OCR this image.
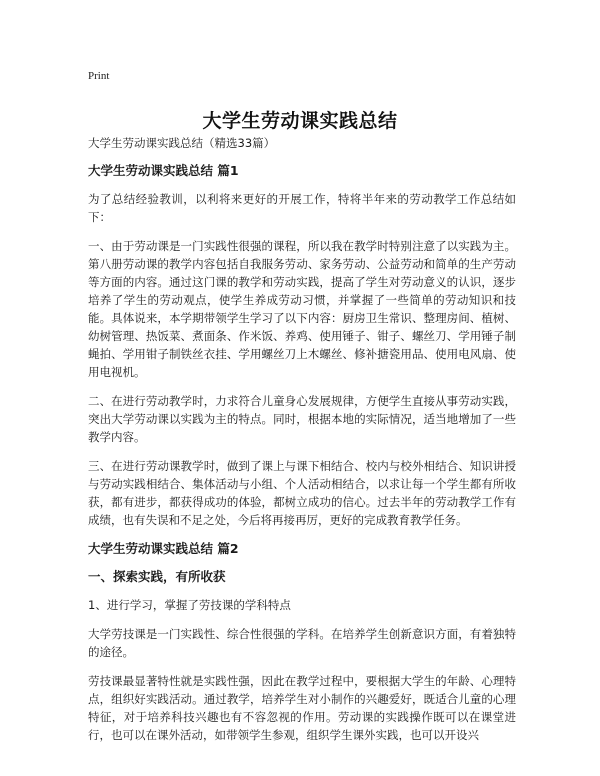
Print
大学生劳动课实践总结
大学生劳动课实践总结（精选33篇）
大学生劳动课实践总结 篇1
为了总结经验教训，以利将来更好的开展工作，特将半年来的劳动教学工作总结如下：
一、由于劳动课是一门实践性很强的课程，所以我在教学时特别注意了以实践为主。第八册劳动课的教学内容包括自我服务劳动、家务劳动、公益劳动和简单的生产劳动等方面的内容。通过这门课的教学和劳动实践，提高了学生对劳动意义的认识，逐步培养了学生的劳动观点，使学生养成劳动习惯，并掌握了一些简单的劳动知识和技能。具体说来，本学期带领学生学习了以下内容：厨房卫生常识、整理房间、植树、幼树管理、热饭菜、煮面条、作米饭、养鸡、使用锤子、钳子、螺丝刀、学用锤子制蝇拍、学用钳子制铁丝衣挂、学用螺丝刀上木螺丝、修补搪瓷用品、使用电风扇、使用电视机。
二、在进行劳动教学时，力求符合儿童身心发展规律，方便学生直接从事劳动实践，突出大学劳动课以实践为主的特点。同时，根据本地的实际情况，适当地增加了一些教学内容。
三、在进行劳动课教学时，做到了课上与课下相结合、校内与校外相结合、知识讲授与劳动实践相结合、集体活动与小组、个人活动相结合，以求让每一个学生都有所收获，都有进步，都获得成功的体验，都树立成功的信心。过去半年的劳动教学工作有成绩，也有失误和不足之处，今后将再接再厉，更好的完成教育教学任务。
大学生劳动课实践总结 篇2
一、探索实践，有所收获
1、进行学习，掌握了劳技课的学科特点
大学劳技课是一门实践性、综合性很强的学科。在培养学生创新意识方面，有着独特的途径。
劳技课最显著特性就是实践性强，因此在教学过程中，要根据大学生的年龄、心理特点，组织好实践活动。通过教学，培养学生对小制作的兴趣爱好，既适合儿童的心理特征，对于培养科技兴趣也有不容忽视的作用。劳动课的实践操作既可以在课堂进行，也可以在课外活动，如带领学生参观，组织学生课外实践，也可以开设兴
